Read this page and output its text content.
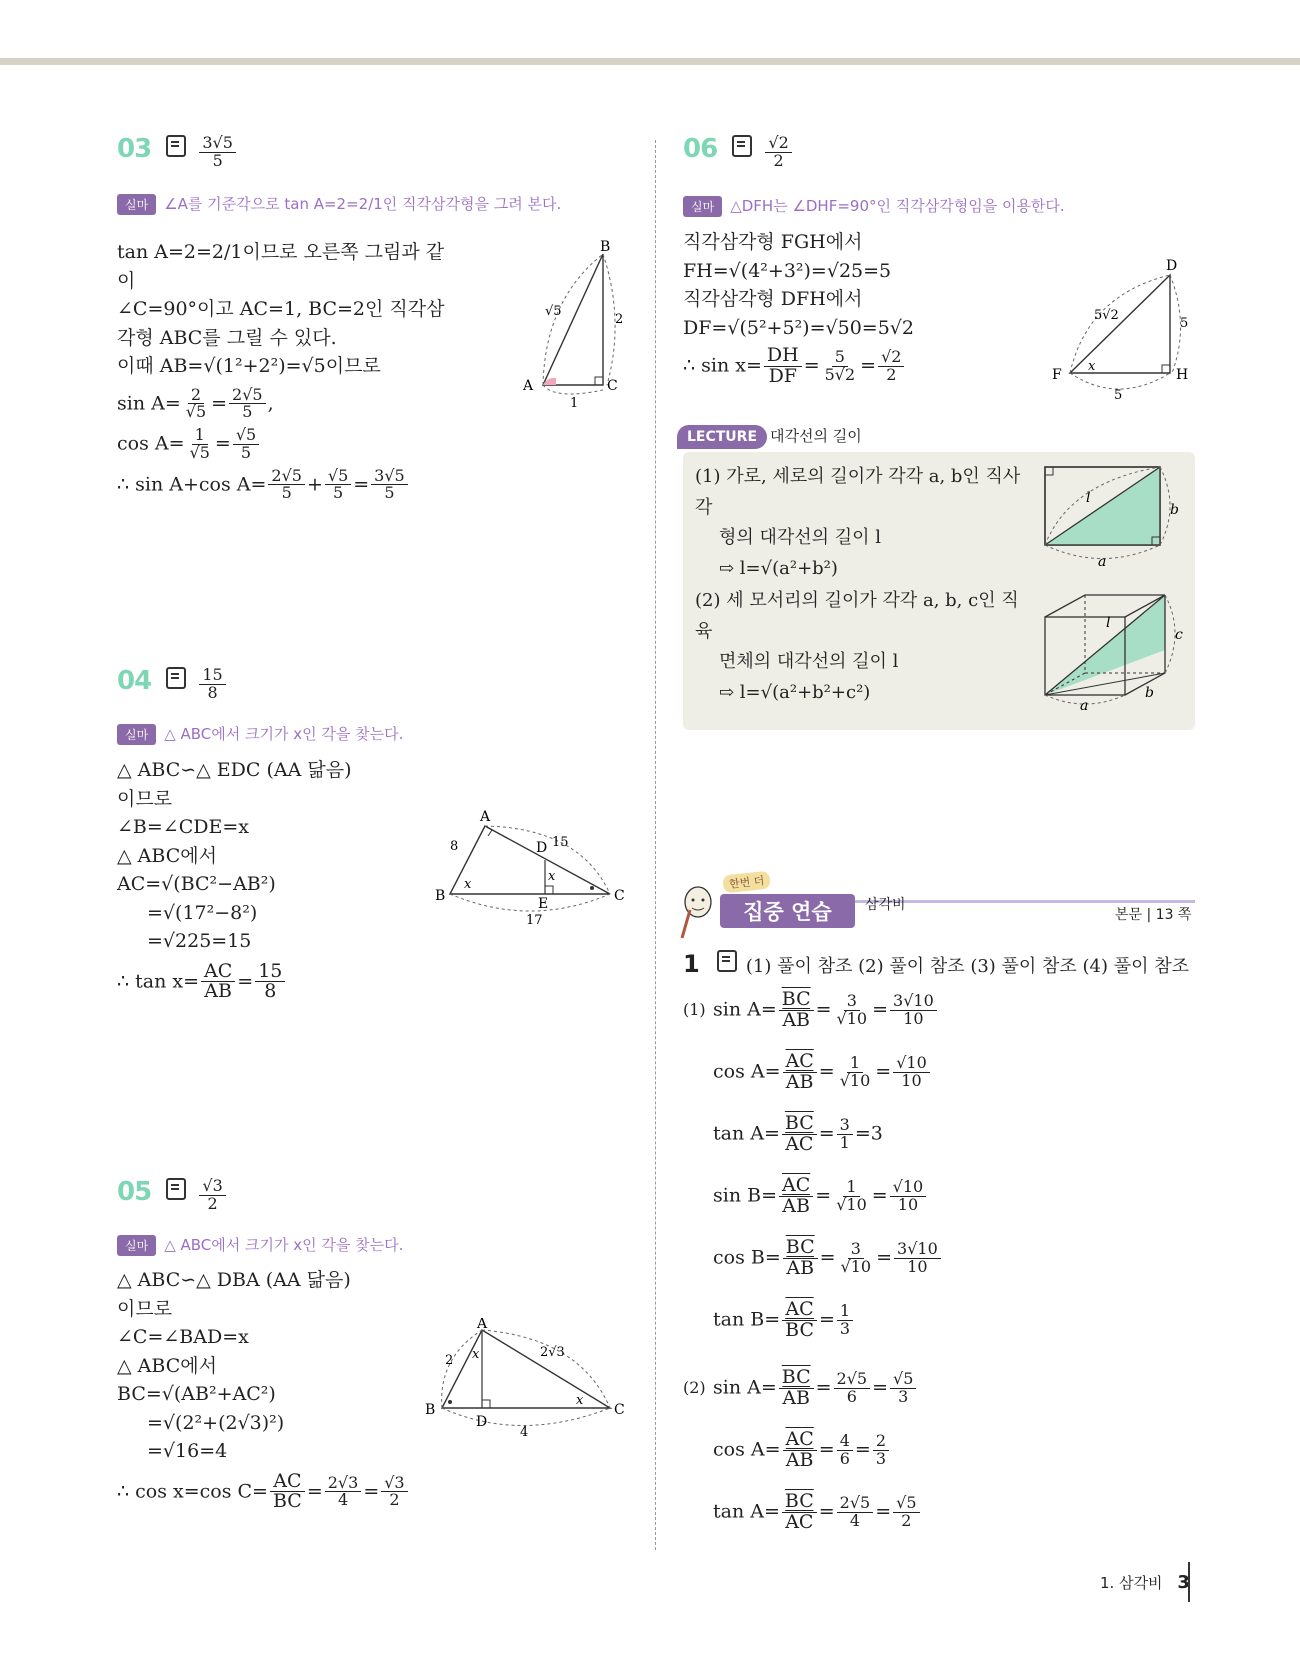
03	$\frac{3√5}{5}$
실마 ∠A를 기준각으로 tan A=2=2/1인 직각삼각형을 그려 본다.
tan A=2=2/1이므로 오른쪽 그림과 같이
∠C=90°이고 AC=1, BC=2인 직각삼
각형 ABC를 그릴 수 있다.
이때 AB=√(1²+2²)=√5이므로
$\sin A= \frac{2}{√5} = \frac{2√5}{5}$ ,
$\cos A= \frac{1}{√5} = \frac{√5}{5}$
∴ sin A+cos $A= \frac{2√5}{5} + \frac{√5}{5} = \frac{3√5}{5}$
B
A	C
√5
2
1
04	$\frac{15}{8}$
실마 △ ABC에서 크기가 x인 각을 찾는다.
△ ABC∽△ EDC (AA 닮음)
이므로
∠B=∠CDE=x
△ ABC에서
AC=√(BC²−AB²)
=√(17²−8²)
=√225=15
∴ $\tan x= \frac{AC}{AB} = \frac{15}{8}$
A
B	C
D
E
8	15
17
x
x
05	$\frac{√3}{2}$
실마 △ ABC에서 크기가 x인 각을 찾는다.
△ ABC∽△ DBA (AA 닮음)
이므로
∠C=∠BAD=x
△ ABC에서
BC=√(AB²+AC²)
=√(2²+(2√3)²)
=√16=4
∴ cos x=cos $C= \frac{AC}{BC} = \frac{2√3}{4} = \frac{√3}{2}$
A
B	C
D
2
2√3
4
x
x
06	$\frac{√2}{2}$
실마 △DFH는 ∠DHF=90°인 직각삼각형임을 이용한다.
직각삼각형 FGH에서
FH=√(4²+3²)=√25=5
직각삼각형 DFH에서
DF=√(5²+5²)=√50=5√2
∴ $\sin x= \frac{DH}{DF} = \frac{5}{5√2} = \frac{√2}{2}$
D
F	H
5√2
5
5
x
LECTURE 대각선의 길이
(1) 가로, 세로의 길이가 각각 a, b인 직사각
형의 대각선의 길이 l
⇨ l=√(a²+b²)
(2) 세 모서리의 길이가 각각 a, b, c인 직육
면체의 대각선의 길이 l
⇨ l=√(a²+b²+c²)
a
b
l
a
b
c
l
한번 더
집중 연습	삼각비
본문 | 13 쪽
1	(1) 풀이 참조 (2) 풀이 참조 (3) 풀이 참조 (4) 풀이 참조
(1) $\sin A= \frac{\overline{BC}}{AB} = \frac{3}{√10} = \frac{3√10}{10}$
$\cos A= \frac{\overline{AC}}{AB} = \frac{1}{√10} = \frac{√10}{10}$
$\tan A= \frac{\overline{BC}}{AC} = \frac{3}{1} =3$
$\sin B= \frac{\overline{AC}}{AB} = \frac{1}{√10} = \frac{√10}{10}$
$\cos B= \frac{\overline{BC}}{AB} = \frac{3}{√10} = \frac{3√10}{10}$
$\tan B= \frac{\overline{AC}}{BC} = \frac{1}{3}$
(2) $\sin A= \frac{\overline{BC}}{AB} = \frac{2√5}{6} = \frac{√5}{3}$
$\cos A= \frac{\overline{AC}}{AB} = \frac{4}{6} = \frac{2}{3}$
$\tan A= \frac{\overline{BC}}{AC} = \frac{2√5}{4} = \frac{√5}{2}$
1. 삼각비 3
